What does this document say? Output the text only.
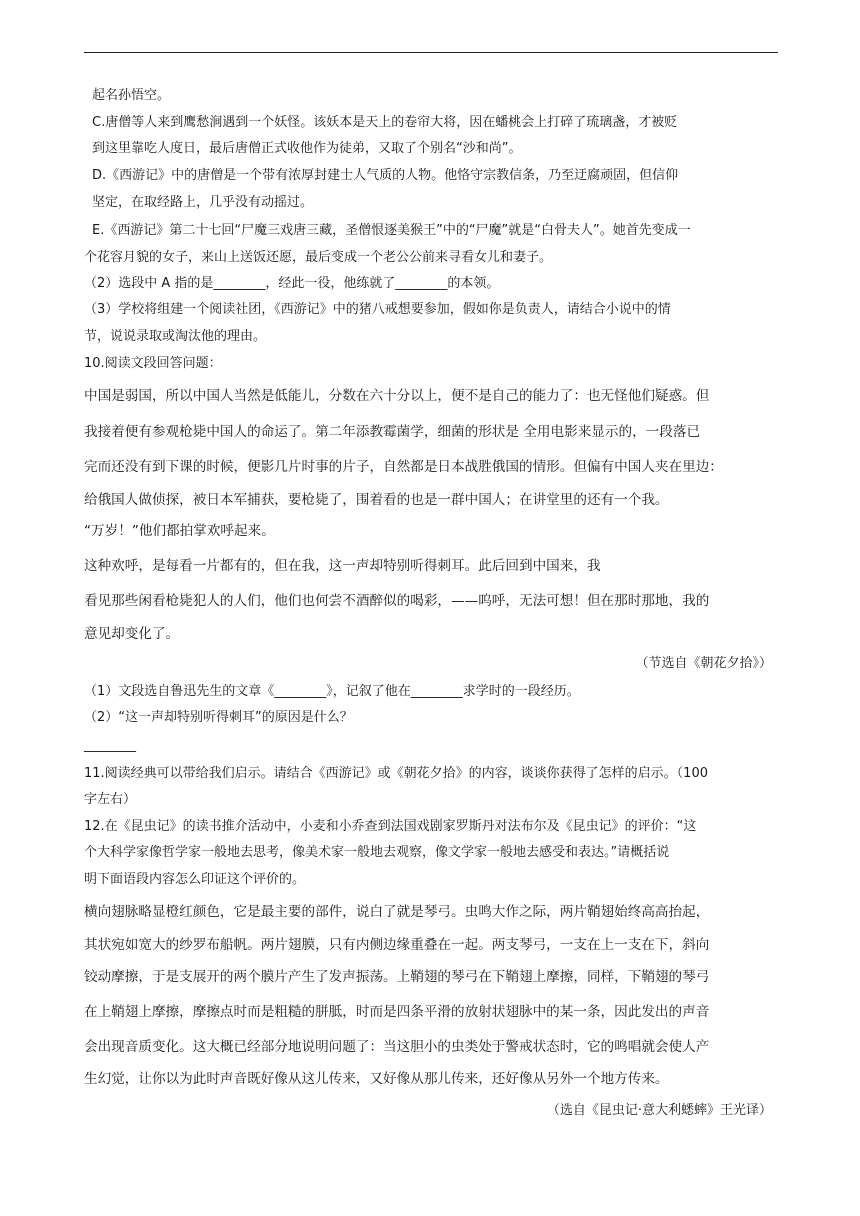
起名孙悟空。
C.唐僧等人来到鹰愁涧遇到一个妖怪。该妖本是天上的卷帘大将，因在蟠桃会上打碎了琉璃盏，才被贬
到这里靠吃人度日，最后唐僧正式收他作为徒弟，又取了个别名“沙和尚”。
D.《西游记》中的唐僧是一个带有浓厚封建士人气质的人物。他恪守宗教信条，乃至迂腐顽固，但信仰
坚定，在取经路上，几乎没有动摇过。
E.《西游记》第二十七回“尸魔三戏唐三藏，圣僧恨逐美猴王”中的“尸魔”就是“白骨夫人”。她首先变成一
个花容月貌的女子，来山上送饭还愿，最后变成一个老公公前来寻看女儿和妻子。
（2）选段中 A 指的是________，经此一役，他练就了________的本领。
（3）学校将组建一个阅读社团，《西游记》中的猪八戒想要参加，假如你是负责人，请结合小说中的情
节，说说录取或淘汰他的理由。
10.阅读文段回答问题：
中国是弱国，所以中国人当然是低能儿，分数在六十分以上，便不是自己的能力了：也无怪他们疑惑。但
我接着便有参观枪毙中国人的命运了。第二年添教霉菌学，细菌的形状是 全用电影来显示的，一段落已
完而还没有到下课的时候，便影几片时事的片子，自然都是日本战胜俄国的情形。但偏有中国人夹在里边：
给俄国人做侦探，被日本军捕获，要枪毙了，围着看的也是一群中国人；在讲堂里的还有一个我。
“万岁！”他们都拍掌欢呼起来。
这种欢呼，是每看一片都有的，但在我，这一声却特别听得刺耳。此后回到中国来，我
看见那些闲看枪毙犯人的人们，他们也何尝不酒醉似的喝彩，——呜呼，无法可想！但在那时那地，我的
意见却变化了。
（节选自《朝花夕拾》）
（1）文段选自鲁迅先生的文章《________》，记叙了他在________求学时的一段经历。
（2）“这一声却特别听得刺耳”的原因是什么？
________
11.阅读经典可以带给我们启示。请结合《西游记》或《朝花夕拾》的内容，谈谈你获得了怎样的启示。（100
字左右）
12.在《昆虫记》的读书推介活动中，小麦和小乔查到法国戏剧家罗斯丹对法布尔及《昆虫记》的评价：“这
个大科学家像哲学家一般地去思考，像美术家一般地去观察，像文学家一般地去感受和表达。”请概括说
明下面语段内容怎么印证这个评价的。
横向翅脉略显橙红颜色，它是最主要的部件，说白了就是琴弓。虫鸣大作之际，两片鞘翅始终高高抬起，
其状宛如宽大的纱罗布船帆。两片翅膜，只有内侧边缘重叠在一起。两支琴弓，一支在上一支在下，斜向
铰动摩擦，于是支展开的两个膜片产生了发声振荡。上鞘翅的琴弓在下鞘翅上摩擦，同样，下鞘翅的琴弓
在上鞘翅上摩擦，摩擦点时而是粗糙的胼胝，时而是四条平滑的放射状翅脉中的某一条，因此发出的声音
会出现音质变化。这大概已经部分地说明问题了：当这胆小的虫类处于警戒状态时，它的鸣唱就会使人产
生幻觉，让你以为此时声音既好像从这儿传来，又好像从那儿传来，还好像从另外一个地方传来。
（选自《昆虫记·意大利蟋蟀》王光译）
